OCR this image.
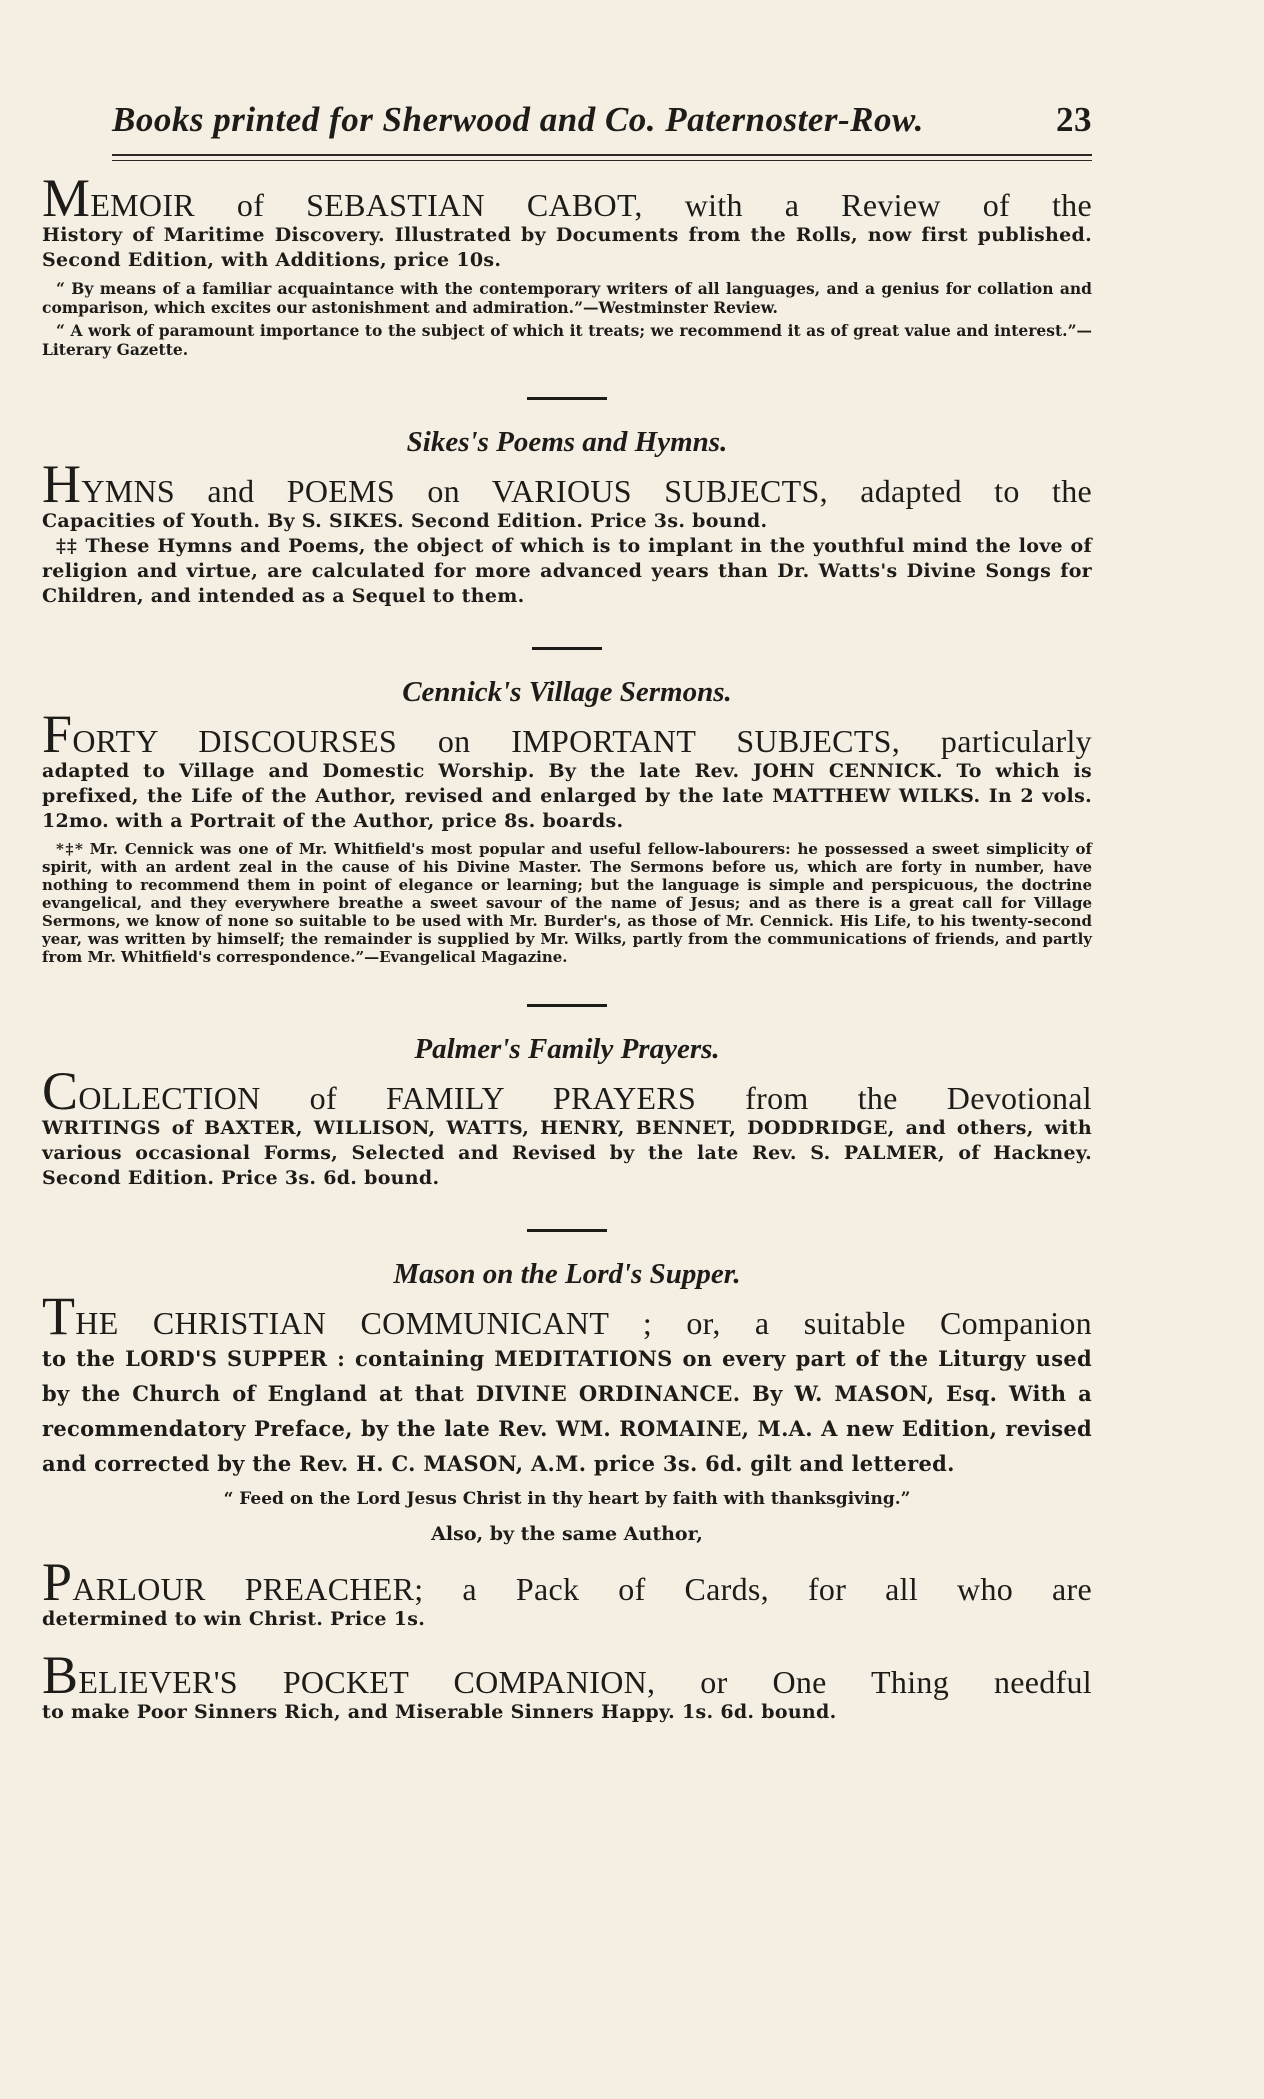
Books printed for Sherwood and Co. Paternoster-Row.	23
MEMOIR of SEBASTIAN CABOT, with a Review of the
History of Maritime Discovery. Illustrated by Documents from the Rolls, now first published. Second Edition, with Additions, price 10s.
“ By means of a familiar acquaintance with the contemporary writers of all languages, and a genius for collation and comparison, which excites our astonishment and admiration.”—Westminster Review.
“ A work of paramount importance to the subject of which it treats; we recommend it as of great value and interest.”—Literary Gazette.
Sikes's Poems and Hymns.
HYMNS and POEMS on VARIOUS SUBJECTS, adapted to the
Capacities of Youth. By S. SIKES. Second Edition. Price 3s. bound.
‡‡ These Hymns and Poems, the object of which is to implant in the youthful mind the love of religion and virtue, are calculated for more advanced years than Dr. Watts's Divine Songs for Children, and intended as a Sequel to them.
Cennick's Village Sermons.
FORTY DISCOURSES on IMPORTANT SUBJECTS, particularly
adapted to Village and Domestic Worship. By the late Rev. JOHN CENNICK. To which is prefixed, the Life of the Author, revised and enlarged by the late MATTHEW WILKS. In 2 vols. 12mo. with a Portrait of the Author, price 8s. boards.
*‡* Mr. Cennick was one of Mr. Whitfield's most popular and useful fellow-labourers: he possessed a sweet simplicity of spirit, with an ardent zeal in the cause of his Divine Master. The Sermons before us, which are forty in number, have nothing to recommend them in point of elegance or learning; but the language is simple and perspicuous, the doctrine evangelical, and they everywhere breathe a sweet savour of the name of Jesus; and as there is a great call for Village Sermons, we know of none so suitable to be used with Mr. Burder's, as those of Mr. Cennick. His Life, to his twenty-second year, was written by himself; the remainder is supplied by Mr. Wilks, partly from the communications of friends, and partly from Mr. Whitfield's correspondence.”—Evangelical Magazine.
Palmer's Family Prayers.
COLLECTION of FAMILY PRAYERS from the Devotional
WRITINGS of BAXTER, WILLISON, WATTS, HENRY, BENNET, DODDRIDGE, and others, with various occasional Forms, Selected and Revised by the late Rev. S. PALMER, of Hackney. Second Edition. Price 3s. 6d. bound.
Mason on the Lord's Supper.
THE CHRISTIAN COMMUNICANT ; or, a suitable Companion
to the LORD'S SUPPER : containing MEDITATIONS on every part of the Liturgy used by the Church of England at that DIVINE ORDINANCE. By W. MASON, Esq. With a recommendatory Preface, by the late Rev. WM. ROMAINE, M.A. A new Edition, revised and corrected by the Rev. H. C. MASON, A.M. price 3s. 6d. gilt and lettered.
“ Feed on the Lord Jesus Christ in thy heart by faith with thanksgiving.”
Also, by the same Author,
PARLOUR PREACHER; a Pack of Cards, for all who are
determined to win Christ. Price 1s.
BELIEVER'S POCKET COMPANION, or One Thing needful
to make Poor Sinners Rich, and Miserable Sinners Happy. 1s. 6d. bound.
